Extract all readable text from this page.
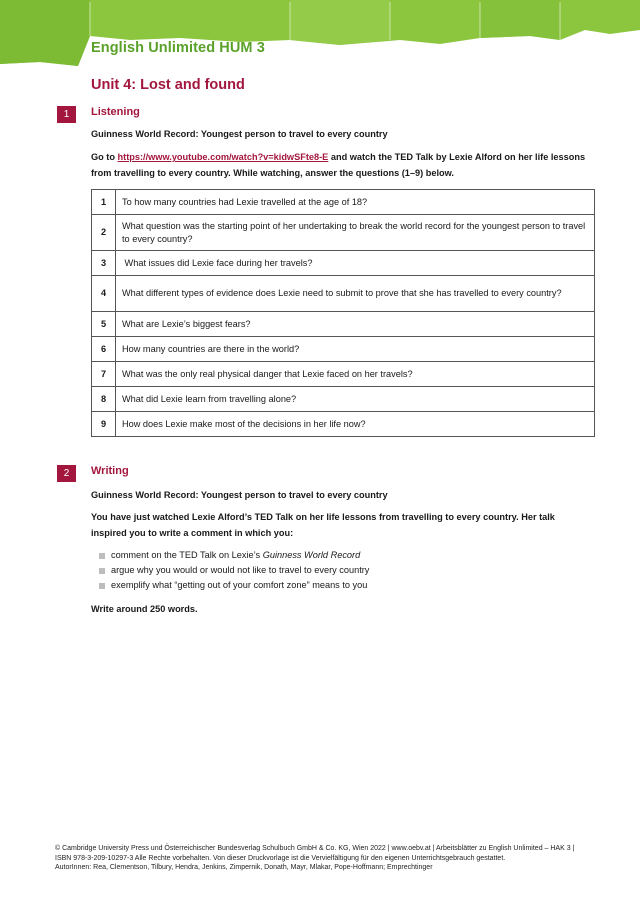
English Unlimited HUM 3
Unit 4: Lost and found
1	Listening
Guinness World Record: Youngest person to travel to every country
Go to https://www.youtube.com/watch?v=kidwSFte8-E and watch the TED Talk by Lexie Alford on her life lessons from travelling to every country. While watching, answer the questions (1–9) below.
1	To how many countries had Lexie travelled at the age of 18?
2	What question was the starting point of her undertaking to break the world record for the youngest person to travel to every country?
3	What issues did Lexie face during her travels?
4	What different types of evidence does Lexie need to submit to prove that she has travelled to every country?
5	What are Lexie’s biggest fears?
6	How many countries are there in the world?
7	What was the only real physical danger that Lexie faced on her travels?
8	What did Lexie learn from travelling alone?
9	How does Lexie make most of the decisions in her life now?
2	Writing
Guinness World Record: Youngest person to travel to every country
You have just watched Lexie Alford’s TED Talk on her life lessons from travelling to every country. Her talk inspired you to write a comment in which you:
comment on the TED Talk on Lexie’s Guinness World Record
argue why you would or would not like to travel to every country
exemplify what “getting out of your comfort zone” means to you
Write around 250 words.
© Cambridge University Press und Österreichischer Bundesverlag Schulbuch GmbH & Co. KG, Wien 2022 | www.oebv.at | Arbeitsblätter zu English Unlimited – HAK 3 | ISBN 978-3-209-10297-3 Alle Rechte vorbehalten. Von dieser Druckvorlage ist die Vervielfältigung für den eigenen Unterrichtsgebrauch gestattet.
AutorInnen: Rea, Clementson, Tilbury, Hendra, Jenkins, Zimpernik, Donath, Mayr, Mlakar, Pope-Hoffmann; Emprechtinger
